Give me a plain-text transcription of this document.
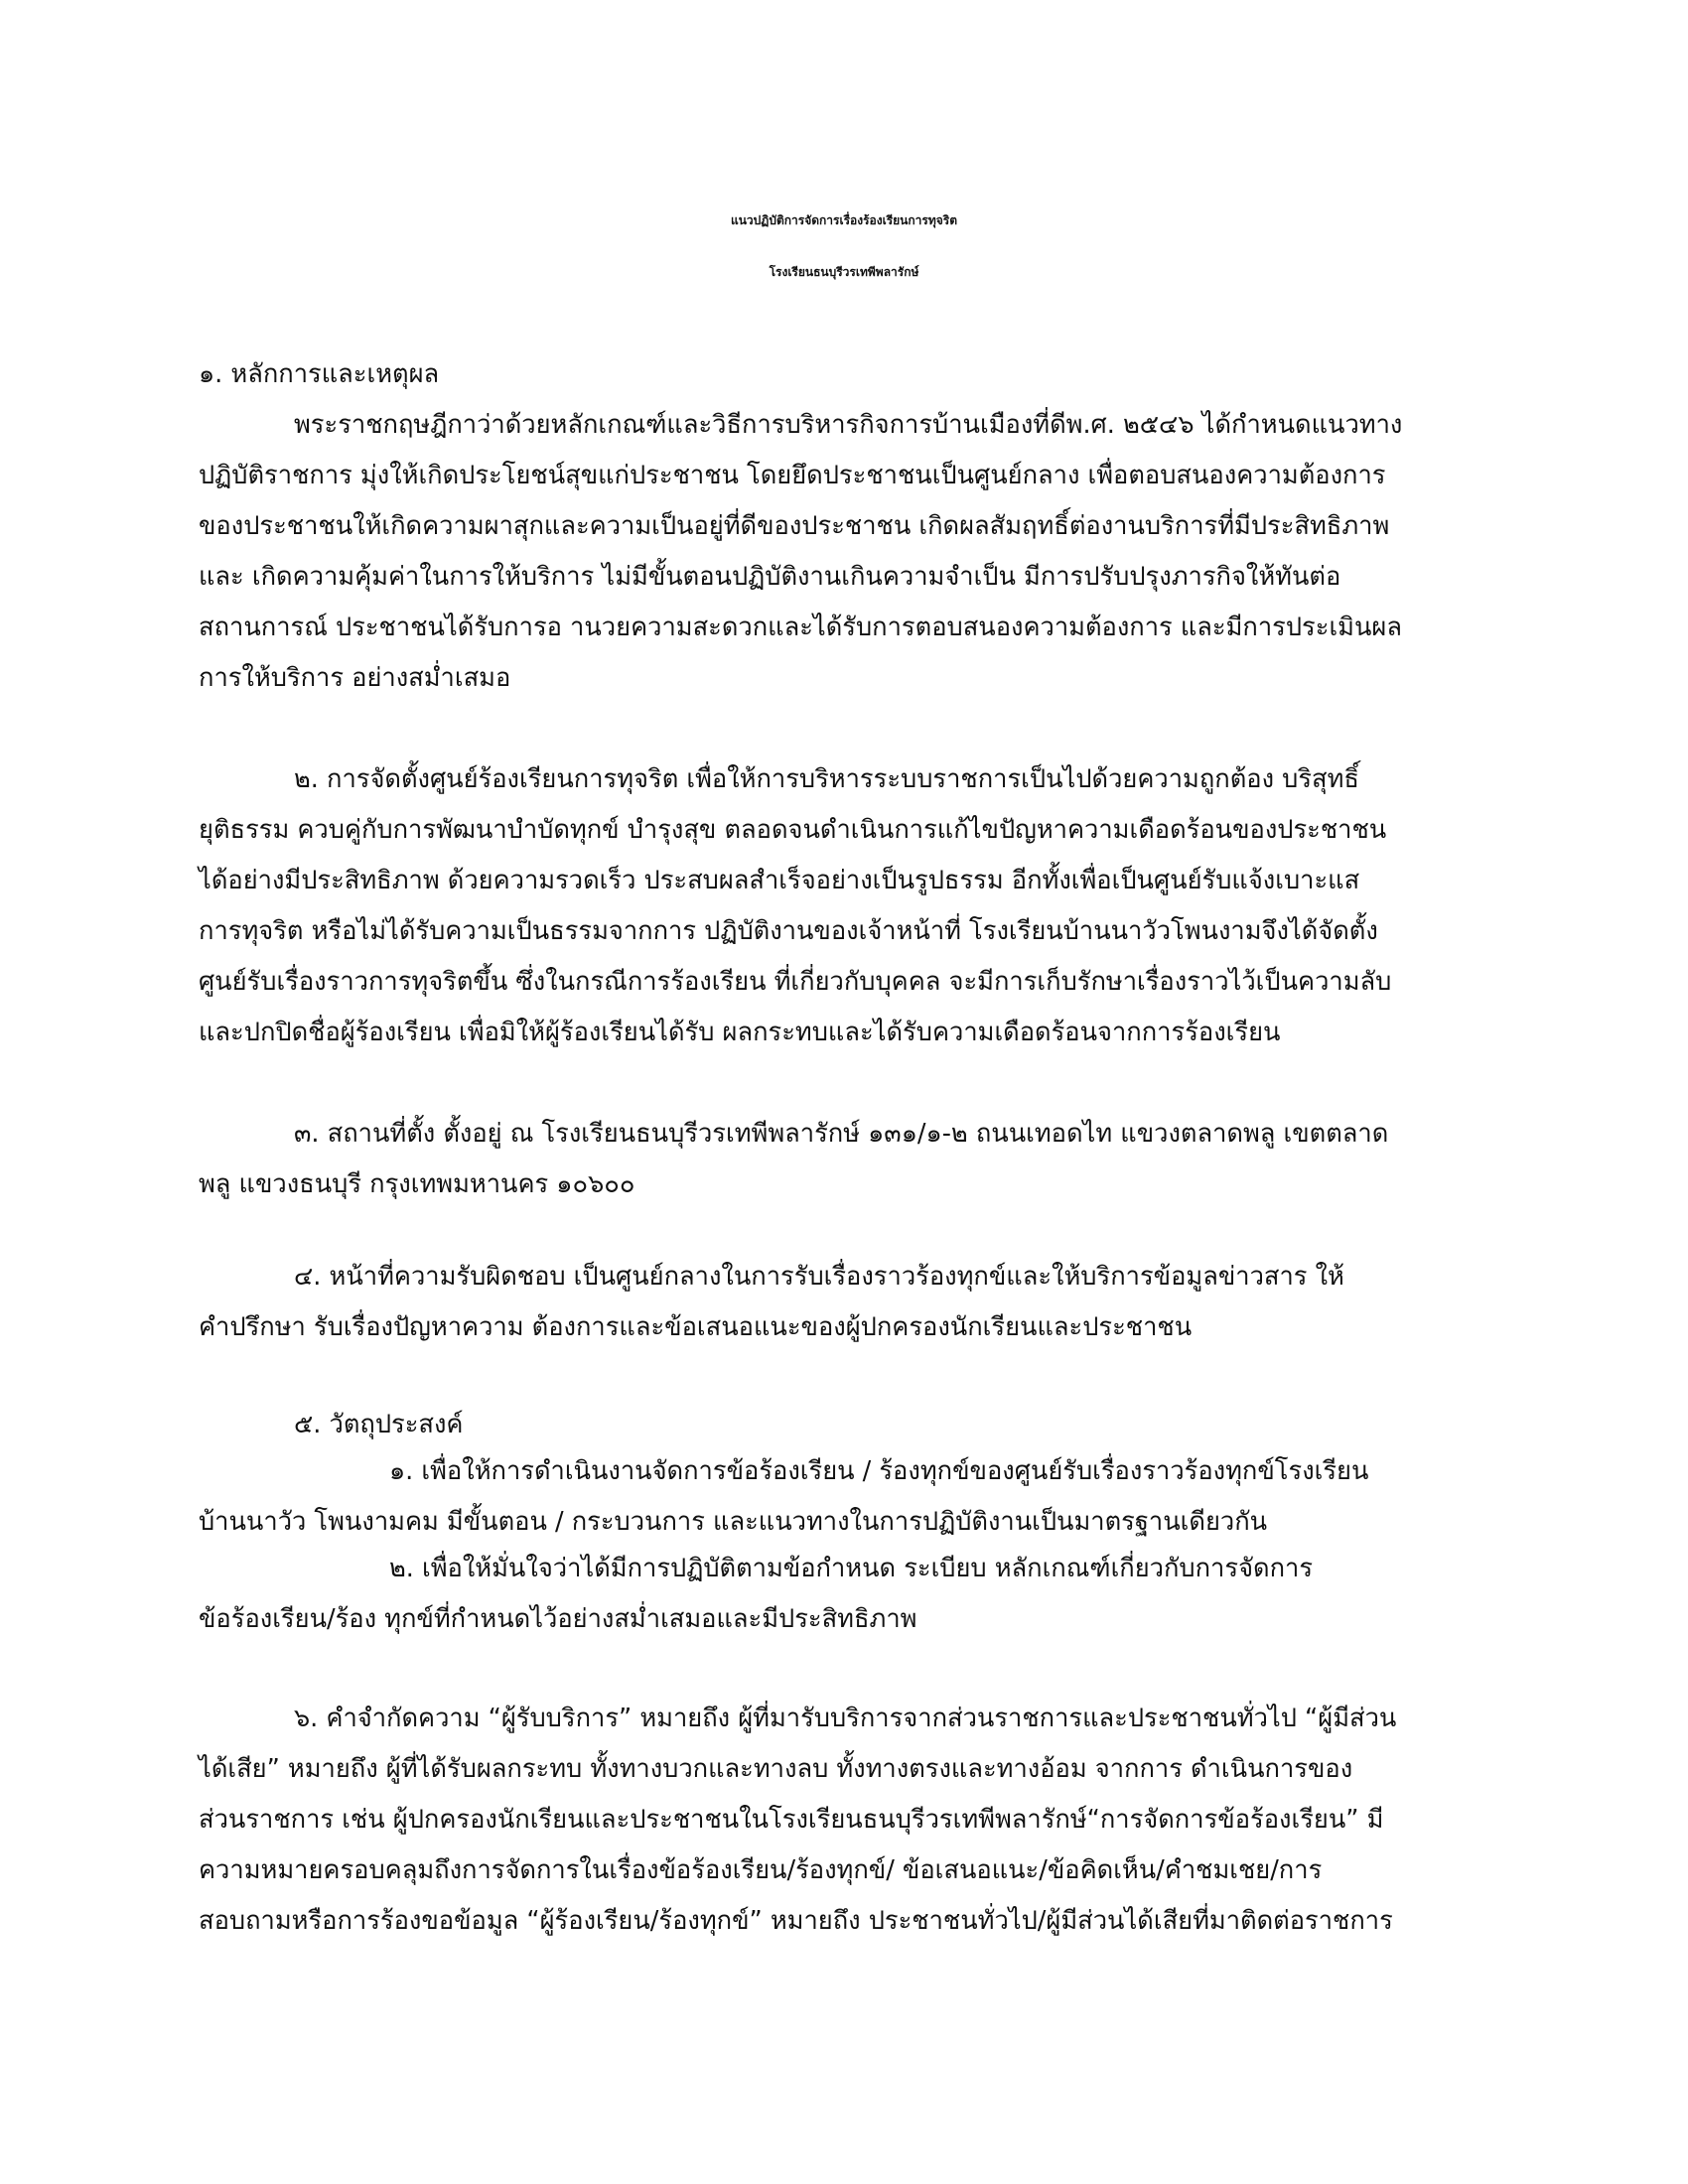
แนวปฏิบัติการจัดการเรื่องร้องเรียนการทุจริต
โรงเรียนธนบุรีวรเทพีพลารักษ์
๑. หลักการและเหตุผล
พระราชกฤษฎีกาว่าด้วยหลักเกณฑ์และวิธีการบริหารกิจการบ้านเมืองที่ดีพ.ศ. ๒๕๔๖ ได้กำหนดแนวทาง
ปฏิบัติราชการ มุ่งให้เกิดประโยชน์สุขแก่ประชาชน โดยยึดประชาชนเป็นศูนย์กลาง เพื่อตอบสนองความต้องการ
ของประชาชนให้เกิดความผาสุกและความเป็นอยู่ที่ดีของประชาชน เกิดผลสัมฤทธิ์ต่องานบริการที่มีประสิทธิภาพ
และ เกิดความคุ้มค่าในการให้บริการ ไม่มีขั้นตอนปฏิบัติงานเกินความจำเป็น มีการปรับปรุงภารกิจให้ทันต่อ
สถานการณ์ ประชาชนได้รับการอ านวยความสะดวกและได้รับการตอบสนองความต้องการ และมีการประเมินผล
การให้บริการ อย่างสม่ำเสมอ
๒. การจัดตั้งศูนย์ร้องเรียนการทุจริต เพื่อให้การบริหารระบบราชการเป็นไปด้วยความถูกต้อง บริสุทธิ์
ยุติธรรม ควบคู่กับการพัฒนาบำบัดทุกข์ บำรุงสุข ตลอดจนดำเนินการแก้ไขปัญหาความเดือดร้อนของประชาชน
ได้อย่างมีประสิทธิภาพ ด้วยความรวดเร็ว ประสบผลสำเร็จอย่างเป็นรูปธรรม อีกทั้งเพื่อเป็นศูนย์รับแจ้งเบาะแส
การทุจริต หรือไม่ได้รับความเป็นธรรมจากการ ปฏิบัติงานของเจ้าหน้าที่ โรงเรียนบ้านนาวัวโพนงามจึงได้จัดตั้ง
ศูนย์รับเรื่องราวการทุจริตขึ้น ซึ่งในกรณีการร้องเรียน ที่เกี่ยวกับบุคคล จะมีการเก็บรักษาเรื่องราวไว้เป็นความลับ
และปกปิดชื่อผู้ร้องเรียน เพื่อมิให้ผู้ร้องเรียนได้รับ ผลกระทบและได้รับความเดือดร้อนจากการร้องเรียน
๓. สถานที่ตั้ง ตั้งอยู่ ณ โรงเรียนธนบุรีวรเทพีพลารักษ์ ๑๓๑/๑-๒ ถนนเทอดไท แขวงตลาดพลู เขตตลาด
พลู แขวงธนบุรี กรุงเทพมหานคร ๑๐๖๐๐
๔. หน้าที่ความรับผิดชอบ เป็นศูนย์กลางในการรับเรื่องราวร้องทุกข์และให้บริการข้อมูลข่าวสาร ให้
คำปรึกษา รับเรื่องปัญหาความ ต้องการและข้อเสนอแนะของผู้ปกครองนักเรียนและประชาชน
๕. วัตถุประสงค์
๑. เพื่อให้การดำเนินงานจัดการข้อร้องเรียน / ร้องทุกข์ของศูนย์รับเรื่องราวร้องทุกข์โรงเรียน
บ้านนาวัว โพนงามคม มีขั้นตอน / กระบวนการ และแนวทางในการปฏิบัติงานเป็นมาตรฐานเดียวกัน
๒. เพื่อให้มั่นใจว่าได้มีการปฏิบัติตามข้อกำหนด ระเบียบ หลักเกณฑ์เกี่ยวกับการจัดการ
ข้อร้องเรียน/ร้อง ทุกข์ที่กำหนดไว้อย่างสม่ำเสมอและมีประสิทธิภาพ
๖. คำจำกัดความ “ผู้รับบริการ” หมายถึง ผู้ที่มารับบริการจากส่วนราชการและประชาชนทั่วไป “ผู้มีส่วน
ได้เสีย” หมายถึง ผู้ที่ได้รับผลกระทบ ทั้งทางบวกและทางลบ ทั้งทางตรงและทางอ้อม จากการ ดำเนินการของ
ส่วนราชการ เช่น ผู้ปกครองนักเรียนและประชาชนในโรงเรียนธนบุรีวรเทพีพลารักษ์“การจัดการข้อร้องเรียน” มี
ความหมายครอบคลุมถึงการจัดการในเรื่องข้อร้องเรียน/ร้องทุกข์/ ข้อเสนอแนะ/ข้อคิดเห็น/คำชมเชย/การ
สอบถามหรือการร้องขอข้อมูล “ผู้ร้องเรียน/ร้องทุกข์” หมายถึง ประชาชนทั่วไป/ผู้มีส่วนได้เสียที่มาติดต่อราชการ
